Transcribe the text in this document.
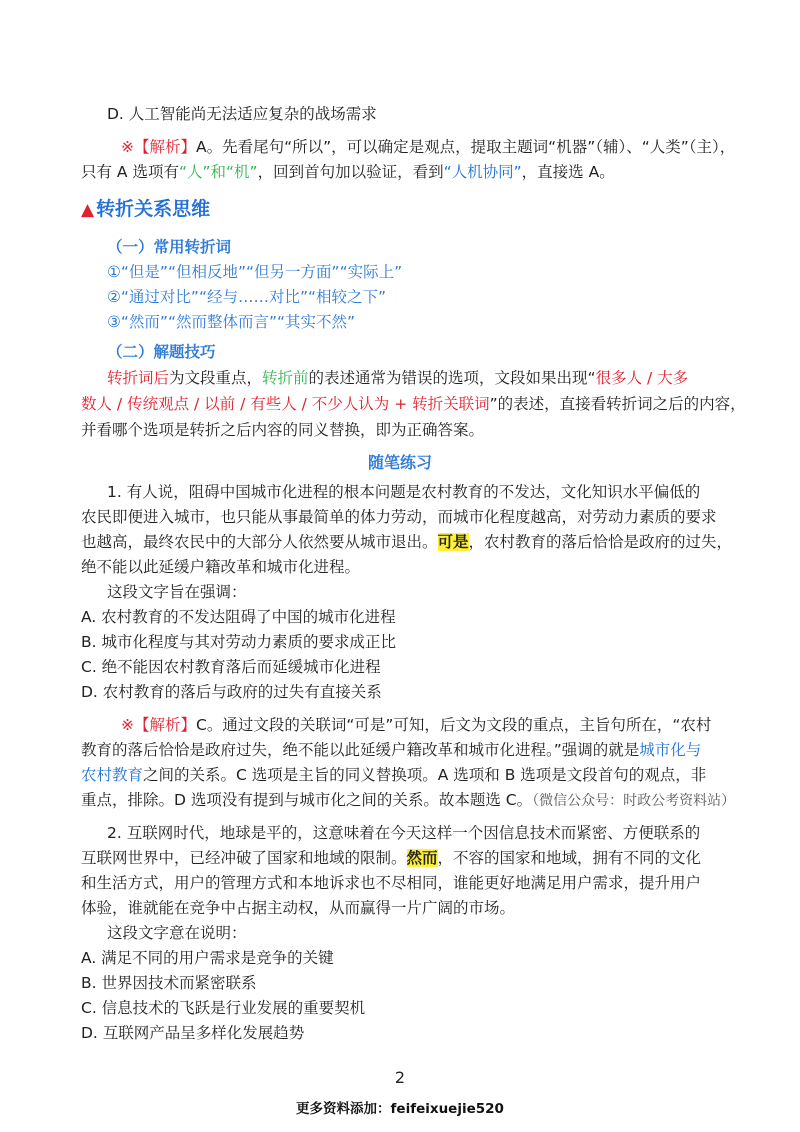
D. 人工智能尚无法适应复杂的战场需求
※【解析】A。先看尾句“所以”，可以确定是观点，提取主题词“机器”（辅）、“人类”（主），
只有 A 选项有“人”和“机”，回到首句加以验证，看到“人机协同”，直接选 A。
▲ 转折关系思维
（一）常用转折词
①“但是”“但相反地”“但另一方面”“实际上”
②“通过对比”“经与……对比”“相较之下”
③“然而”“然而整体而言”“其实不然”
（二）解题技巧
转折词后为文段重点，转折前的表述通常为错误的选项，文段如果出现“很多人 / 大多
数人 / 传统观点 / 以前 / 有些人 / 不少人认为 + 转折关联词”的表述，直接看转折词之后的内容，
并看哪个选项是转折之后内容的同义替换，即为正确答案。
随笔练习
1. 有人说，阻碍中国城市化进程的根本问题是农村教育的不发达，文化知识水平偏低的
农民即便进入城市，也只能从事最简单的体力劳动，而城市化程度越高，对劳动力素质的要求
也越高，最终农民中的大部分人依然要从城市退出。可是，农村教育的落后恰恰是政府的过失，
绝不能以此延缓户籍改革和城市化进程。
这段文字旨在强调：
A. 农村教育的不发达阻碍了中国的城市化进程
B. 城市化程度与其对劳动力素质的要求成正比
C. 绝不能因农村教育落后而延缓城市化进程
D. 农村教育的落后与政府的过失有直接关系
※【解析】C。通过文段的关联词“可是”可知，后文为文段的重点，主旨句所在，“农村
教育的落后恰恰是政府过失，绝不能以此延缓户籍改革和城市化进程。”强调的就是城市化与
农村教育之间的关系。C 选项是主旨的同义替换项。A 选项和 B 选项是文段首句的观点，非
重点，排除。D 选项没有提到与城市化之间的关系。故本题选 C。（微信公众号：时政公考资料站）
2. 互联网时代，地球是平的，这意味着在今天这样一个因信息技术而紧密、方便联系的
互联网世界中，已经冲破了国家和地域的限制。然而，不容的国家和地域，拥有不同的文化
和生活方式，用户的管理方式和本地诉求也不尽相同，谁能更好地满足用户需求，提升用户
体验，谁就能在竞争中占据主动权，从而赢得一片广阔的市场。
这段文字意在说明：
A. 满足不同的用户需求是竞争的关键
B. 世界因技术而紧密联系
C. 信息技术的飞跃是行业发展的重要契机
D. 互联网产品呈多样化发展趋势
2
更多资料添加：feifeixuejie520
